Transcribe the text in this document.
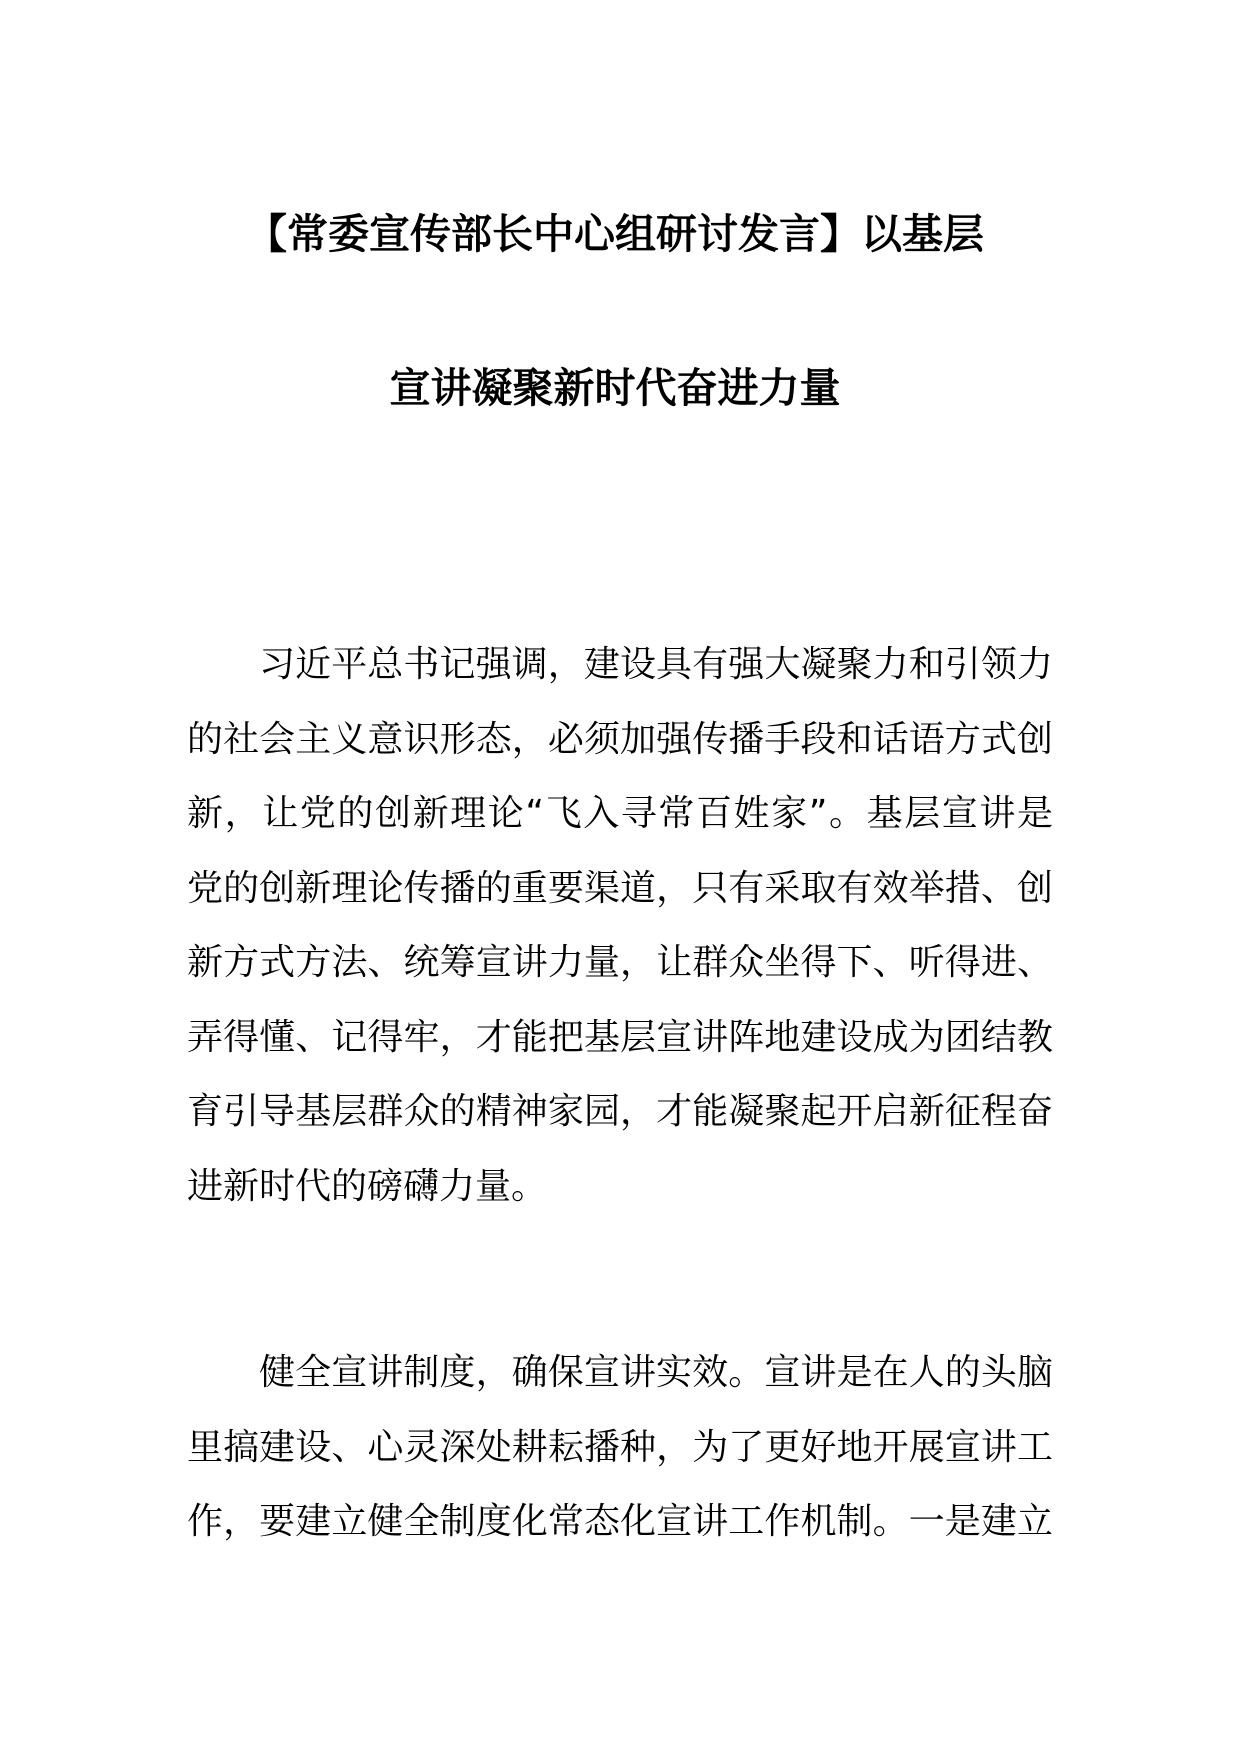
【常委宣传部长中心组研讨发言】以基层
宣讲凝聚新时代奋进力量
习近平总书记强调，建设具有强大凝聚力和引领力
的社会主义意识形态，必须加强传播手段和话语方式创
新，让党的创新理论“飞入寻常百姓家”。基层宣讲是
党的创新理论传播的重要渠道，只有采取有效举措、创
新方式方法、统筹宣讲力量，让群众坐得下、听得进、
弄得懂、记得牢，才能把基层宣讲阵地建设成为团结教
育引导基层群众的精神家园，才能凝聚起开启新征程奋
进新时代的磅礴力量。
健全宣讲制度，确保宣讲实效。宣讲是在人的头脑
里搞建设、心灵深处耕耘播种，为了更好地开展宣讲工
作，要建立健全制度化常态化宣讲工作机制。一是建立
